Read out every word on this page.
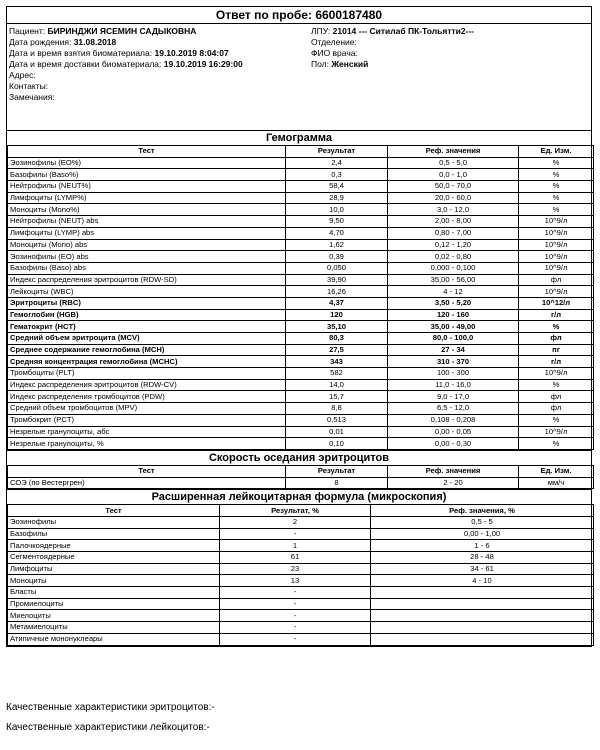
Ответ по пробе: 6600187480
Пациент: БИРИНДЖИ ЯСЕМИН САДЫКОВНА
Дата рождения: 31.08.2018
Дата и время взятия биоматериала: 19.10.2019 8:04:07
Дата и время доставки биоматериала: 19.10.2019 16:29:00
Адрес:
Контакты:
Замечания:
ЛПУ: 21014 --- Ситилаб ПК-Тольятти2---
Отделение:
ФИО врача:
Пол: Женский
Гемограмма
Тест	Результат	Реф. значения	Ед. Изм.
Эозинофилы (EO%)	2,4	0,5 - 5,0	%
Базофилы (Baso%)	0,3	0,0 - 1,0	%
Нейтрофилы (NEUT%)	58,4	50,0 - 70,0	%
Лимфоциты (LYMP%)	28,9	20,0 - 60,0	%
Моноциты (Mono%)	10,0	3,0 - 12,0	%
Нейтрофилы (NEUT) abs	9,50	2,00 - 8,00	10^9/л
Лимфоциты (LYMP) abs	4,70	0,80 - 7,00	10^9/л
Моноциты (Mono) abs	1,62	0,12 - 1,20	10^9/л
Эозинофилы (EO) abs	0,39	0,02 - 0,80	10^9/л
Базофилы (Baso) abs	0,050	0,000 - 0,100	10^9/л
Индекс распределения эритроцитов (RDW-SD)	39,90	35,00 - 56,00	фл
Лейкоциты (WBC)	16,26	4 - 12	10^9/л
Эритроциты (RBC)	4,37	3,50 - 5,20	10^12/л
Гемоглобин (HGB)	120	120 - 160	г/л
Гематокрит (HCT)	35,10	35,00 - 49,00	%
Средний объем эритроцита (MCV)	80,3	80,0 - 100,0	фл
Среднее содержание гемоглобина (MCH)	27,5	27 - 34	пг
Средняя концентрация гемоглобина (MCHC)	343	310 - 370	г/л
Тромбоциты (PLT)	582	100 - 300	10^9/л
Индекс распределения эритроцитов (RDW-CV)	14,0	11,0 - 16,0	%
Индекс распределения тромбоцитов (PDW)	15,7	9,0 - 17,0	фл
Средний объем тромбоцитов (MPV)	8,8	6,5 - 12,0	фл
Тромбокрит (PCT)	0,513	0,108 - 0,208	%
Незрелые гранулоциты, абс	0,01	0,00 - 0,05	10^9/л
Незрелые гранулоциты, %	0,10	0,00 - 0,30	%
Скорость оседания эритроцитов
Тест	Результат	Реф. значения	Ед. Изм.
СОЭ (по Вестергрен)	8	2 - 20	мм/ч
Расширенная лейкоцитарная формула (микроскопия)
Тест	Результат, %	Реф. значения, %
Эозинофилы	2	0,5 - 5
Базофилы	-	0,00 - 1,00
Палочкоядерные	1	1 - 6
Сегментоядерные	61	28 - 48
Лимфоциты	23	34 - 61
Моноциты	13	4 - 10
Бласты	-	
Промиелоциты	-	
Миелоциты	-	
Метамиелоциты	-	
Атипичные мононуклеары	-	
Качественные характеристики эритроцитов:-
Качественные характеристики лейкоцитов:-
